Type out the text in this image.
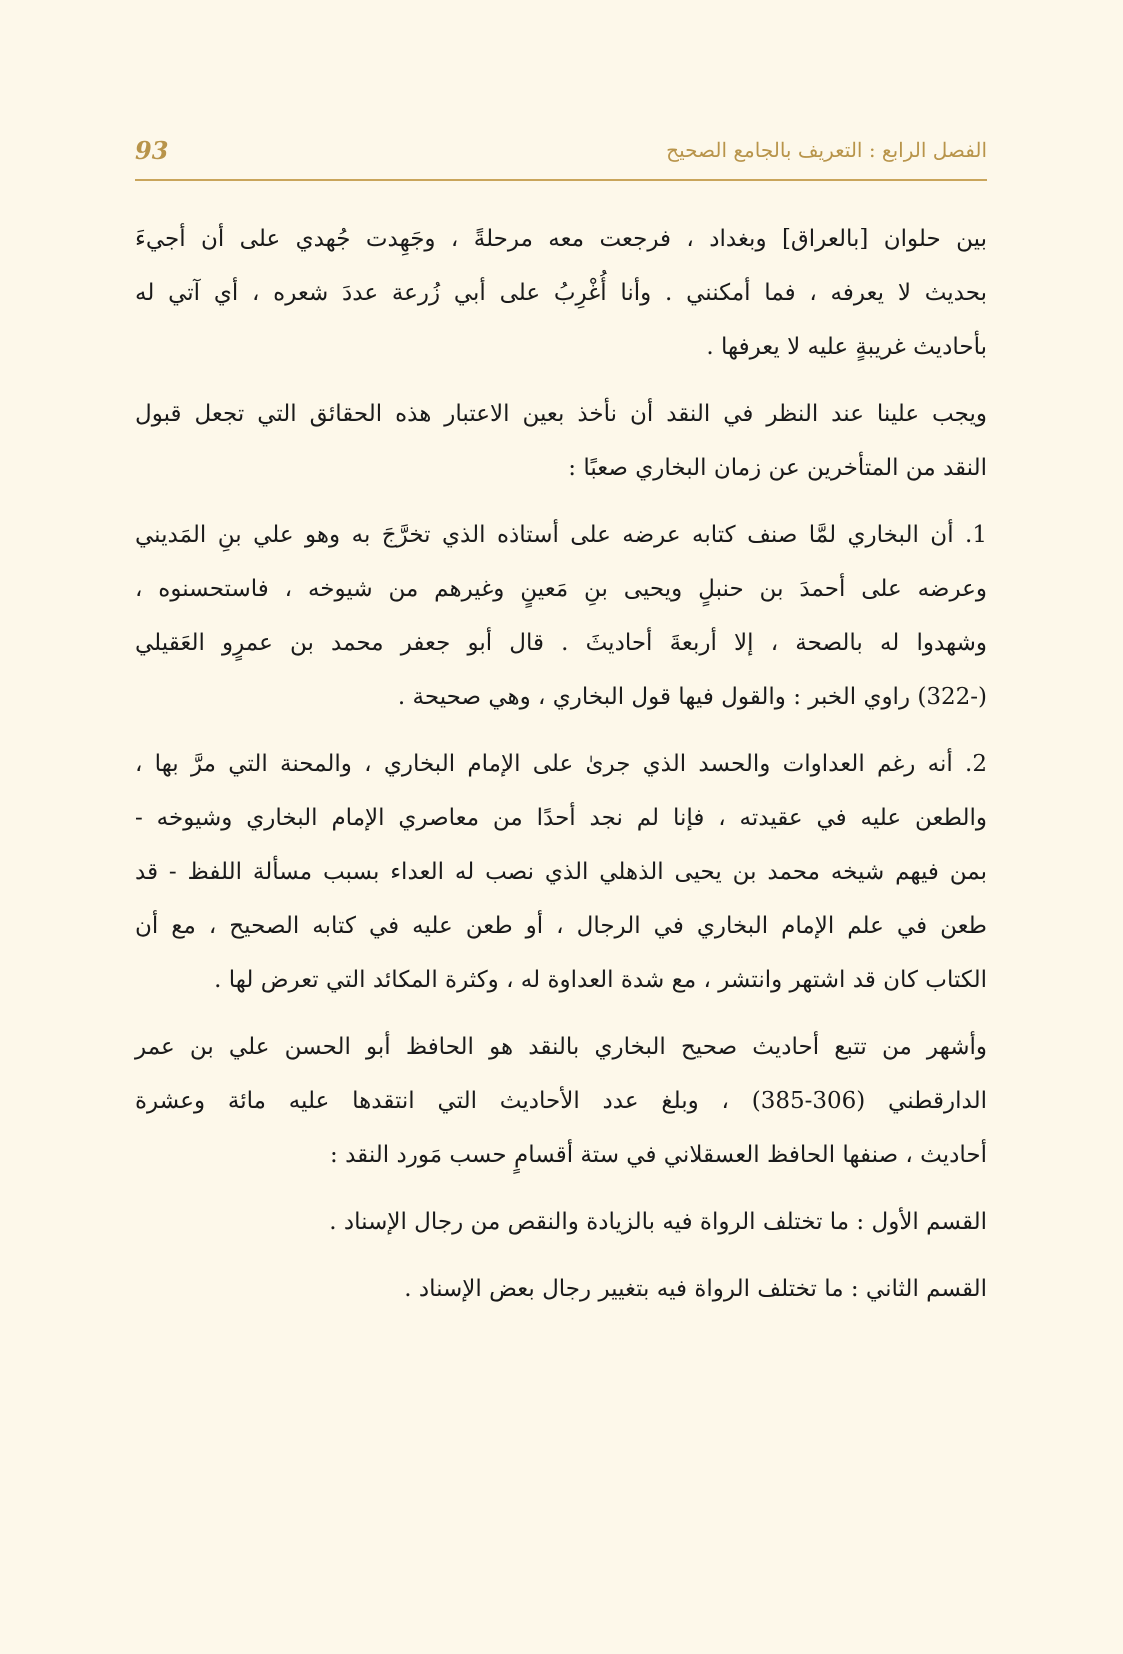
الفصل الرابع : التعريف بالجامع الصحيح
93

بين حلوان [بالعراق] وبغداد ، فرجعت معه مرحلةً ، وجَهِدت جُهدي على أن أجيءَ
بحديث لا يعرفه ، فما أمكنني . وأنا أُغْرِبُ على أبي زُرعة عددَ شعره ، أي آتي له
بأحاديث غريبةٍ عليه لا يعرفها .

ويجب علينا عند النظر في النقد أن نأخذ بعين الاعتبار هذه الحقائق التي تجعل قبول
النقد من المتأخرين عن زمان البخاري صعبًا :

1. أن البخاري لمَّا صنف كتابه عرضه على أستاذه الذي تخرَّجَ به وهو علي بنِ المَديني
وعرضه على أحمدَ بن حنبلٍ ويحيى بنِ مَعينٍ وغيرهم من شيوخه ، فاستحسنوه ،
وشهدوا له بالصحة ، إلا أربعةَ أحاديثَ . قال أبو جعفر محمد بن عمرٍو العَقيلي
(-322) راوي الخبر : والقول فيها قول البخاري ، وهي صحيحة .

2. أنه رغم العداوات والحسد الذي جرىٰ على الإمام البخاري ، والمحنة التي مرَّ بها ،
والطعن عليه في عقيدته ، فإنا لم نجد أحدًا من معاصري الإمام البخاري وشيوخه -
بمن فيهم شيخه محمد بن يحيى الذهلي الذي نصب له العداء بسبب مسألة اللفظ - قد
طعن في علم الإمام البخاري في الرجال ، أو طعن عليه في كتابه الصحيح ، مع أن
الكتاب كان قد اشتهر وانتشر ، مع شدة العداوة له ، وكثرة المكائد التي تعرض لها .

وأشهر من تتبع أحاديث صحيح البخاري بالنقد هو الحافظ أبو الحسن علي بن عمر
الدارقطني (306-385) ، وبلغ عدد الأحاديث التي انتقدها عليه مائة وعشرة
أحاديث ، صنفها الحافظ العسقلاني في ستة أقسامٍ حسب مَورد النقد :

القسم الأول : ما تختلف الرواة فيه بالزيادة والنقص من رجال الإسناد .

القسم الثاني : ما تختلف الرواة فيه بتغيير رجال بعض الإسناد .
